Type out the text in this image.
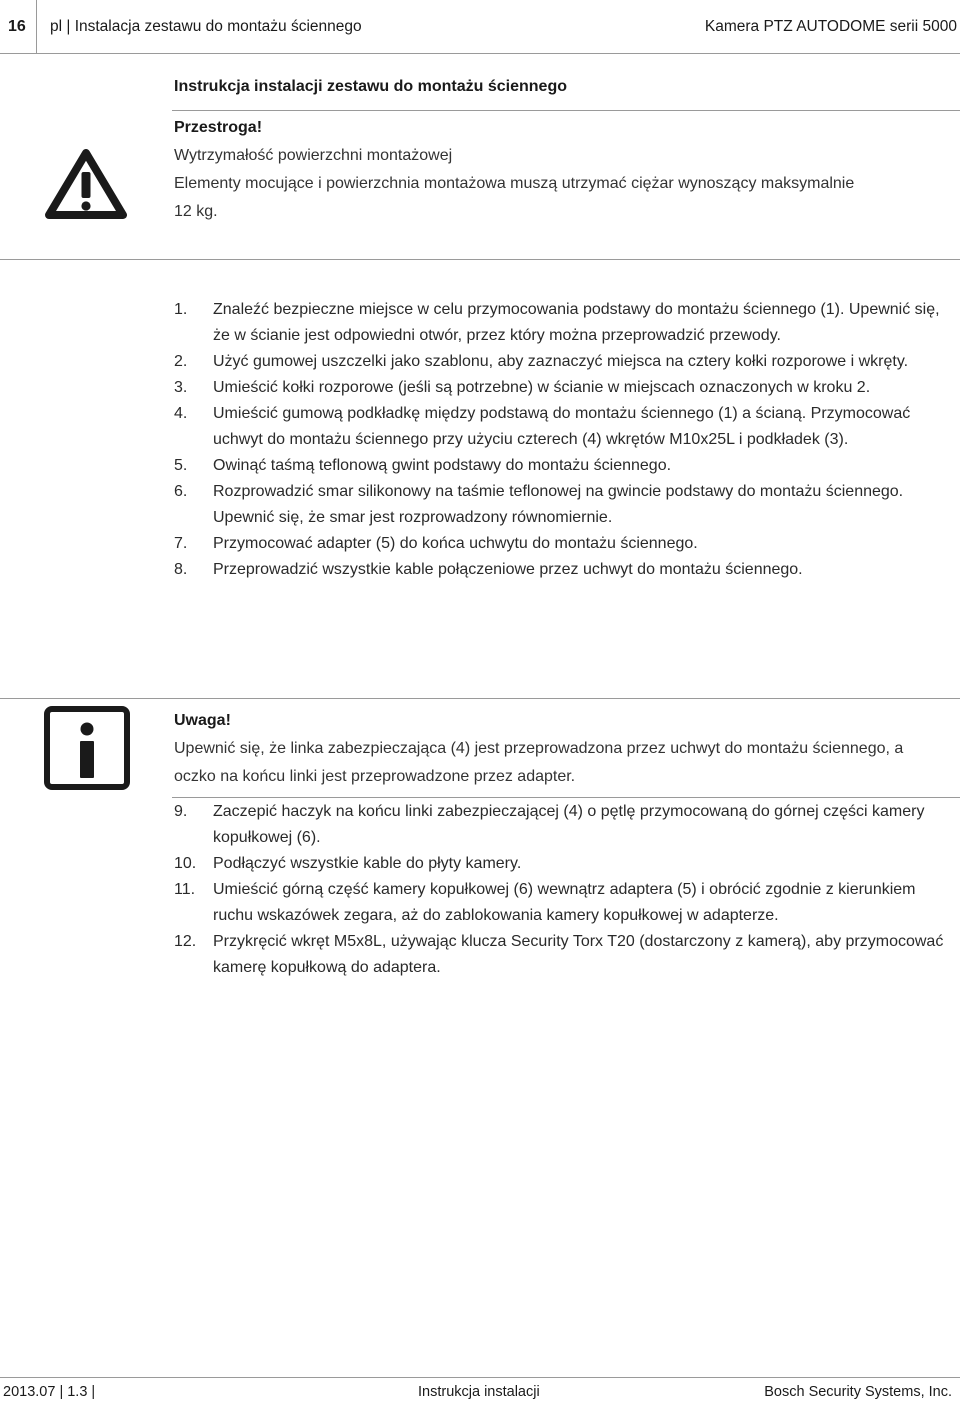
16 pl | Instalacja zestawu do montażu ściennego	Kamera PTZ AUTODOME serii 5000
Instrukcja instalacji zestawu do montażu ściennego
Przestroga!
Wytrzymałość powierzchni montażowej
Elementy mocujące i powierzchnia montażowa muszą utrzymać ciężar wynoszący maksymalnie
12 kg.
1. Znaleźć bezpieczne miejsce w celu przymocowania podstawy do montażu ściennego (1). Upewnić się, że w ścianie jest odpowiedni otwór, przez który można przeprowadzić przewody.
2. Użyć gumowej uszczelki jako szablonu, aby zaznaczyć miejsca na cztery kołki rozporowe i wkręty.
3. Umieścić kołki rozporowe (jeśli są potrzebne) w ścianie w miejscach oznaczonych w kroku 2.
4. Umieścić gumową podkładkę między podstawą do montażu ściennego (1) a ścianą. Przymocować uchwyt do montażu ściennego przy użyciu czterech (4) wkrętów M10x25L i podkładek (3).
5. Owinąć taśmą teflonową gwint podstawy do montażu ściennego.
6. Rozprowadzić smar silikonowy na taśmie teflonowej na gwincie podstawy do montażu ściennego. Upewnić się, że smar jest rozprowadzony równomiernie.
7. Przymocować adapter (5) do końca uchwytu do montażu ściennego.
8. Przeprowadzić wszystkie kable połączeniowe przez uchwyt do montażu ściennego.
Uwaga!
Upewnić się, że linka zabezpieczająca (4) jest przeprowadzona przez uchwyt do montażu ściennego, a oczko na końcu linki jest przeprowadzone przez adapter.
9. Zaczepić haczyk na końcu linki zabezpieczającej (4) o pętlę przymocowaną do górnej części kamery kopułkowej (6).
10. Podłączyć wszystkie kable do płyty kamery.
11. Umieścić górną część kamery kopułkowej (6) wewnątrz adaptera (5) i obrócić zgodnie z kierunkiem ruchu wskazówek zegara, aż do zablokowania kamery kopułkowej w adapterze.
12. Przykręcić wkręt M5x8L, używając klucza Security Torx T20 (dostarczony z kamerą), aby przymocować kamerę kopułkową do adaptera.
2013.07 | 1.3 |	Instrukcja instalacji	Bosch Security Systems, Inc.
